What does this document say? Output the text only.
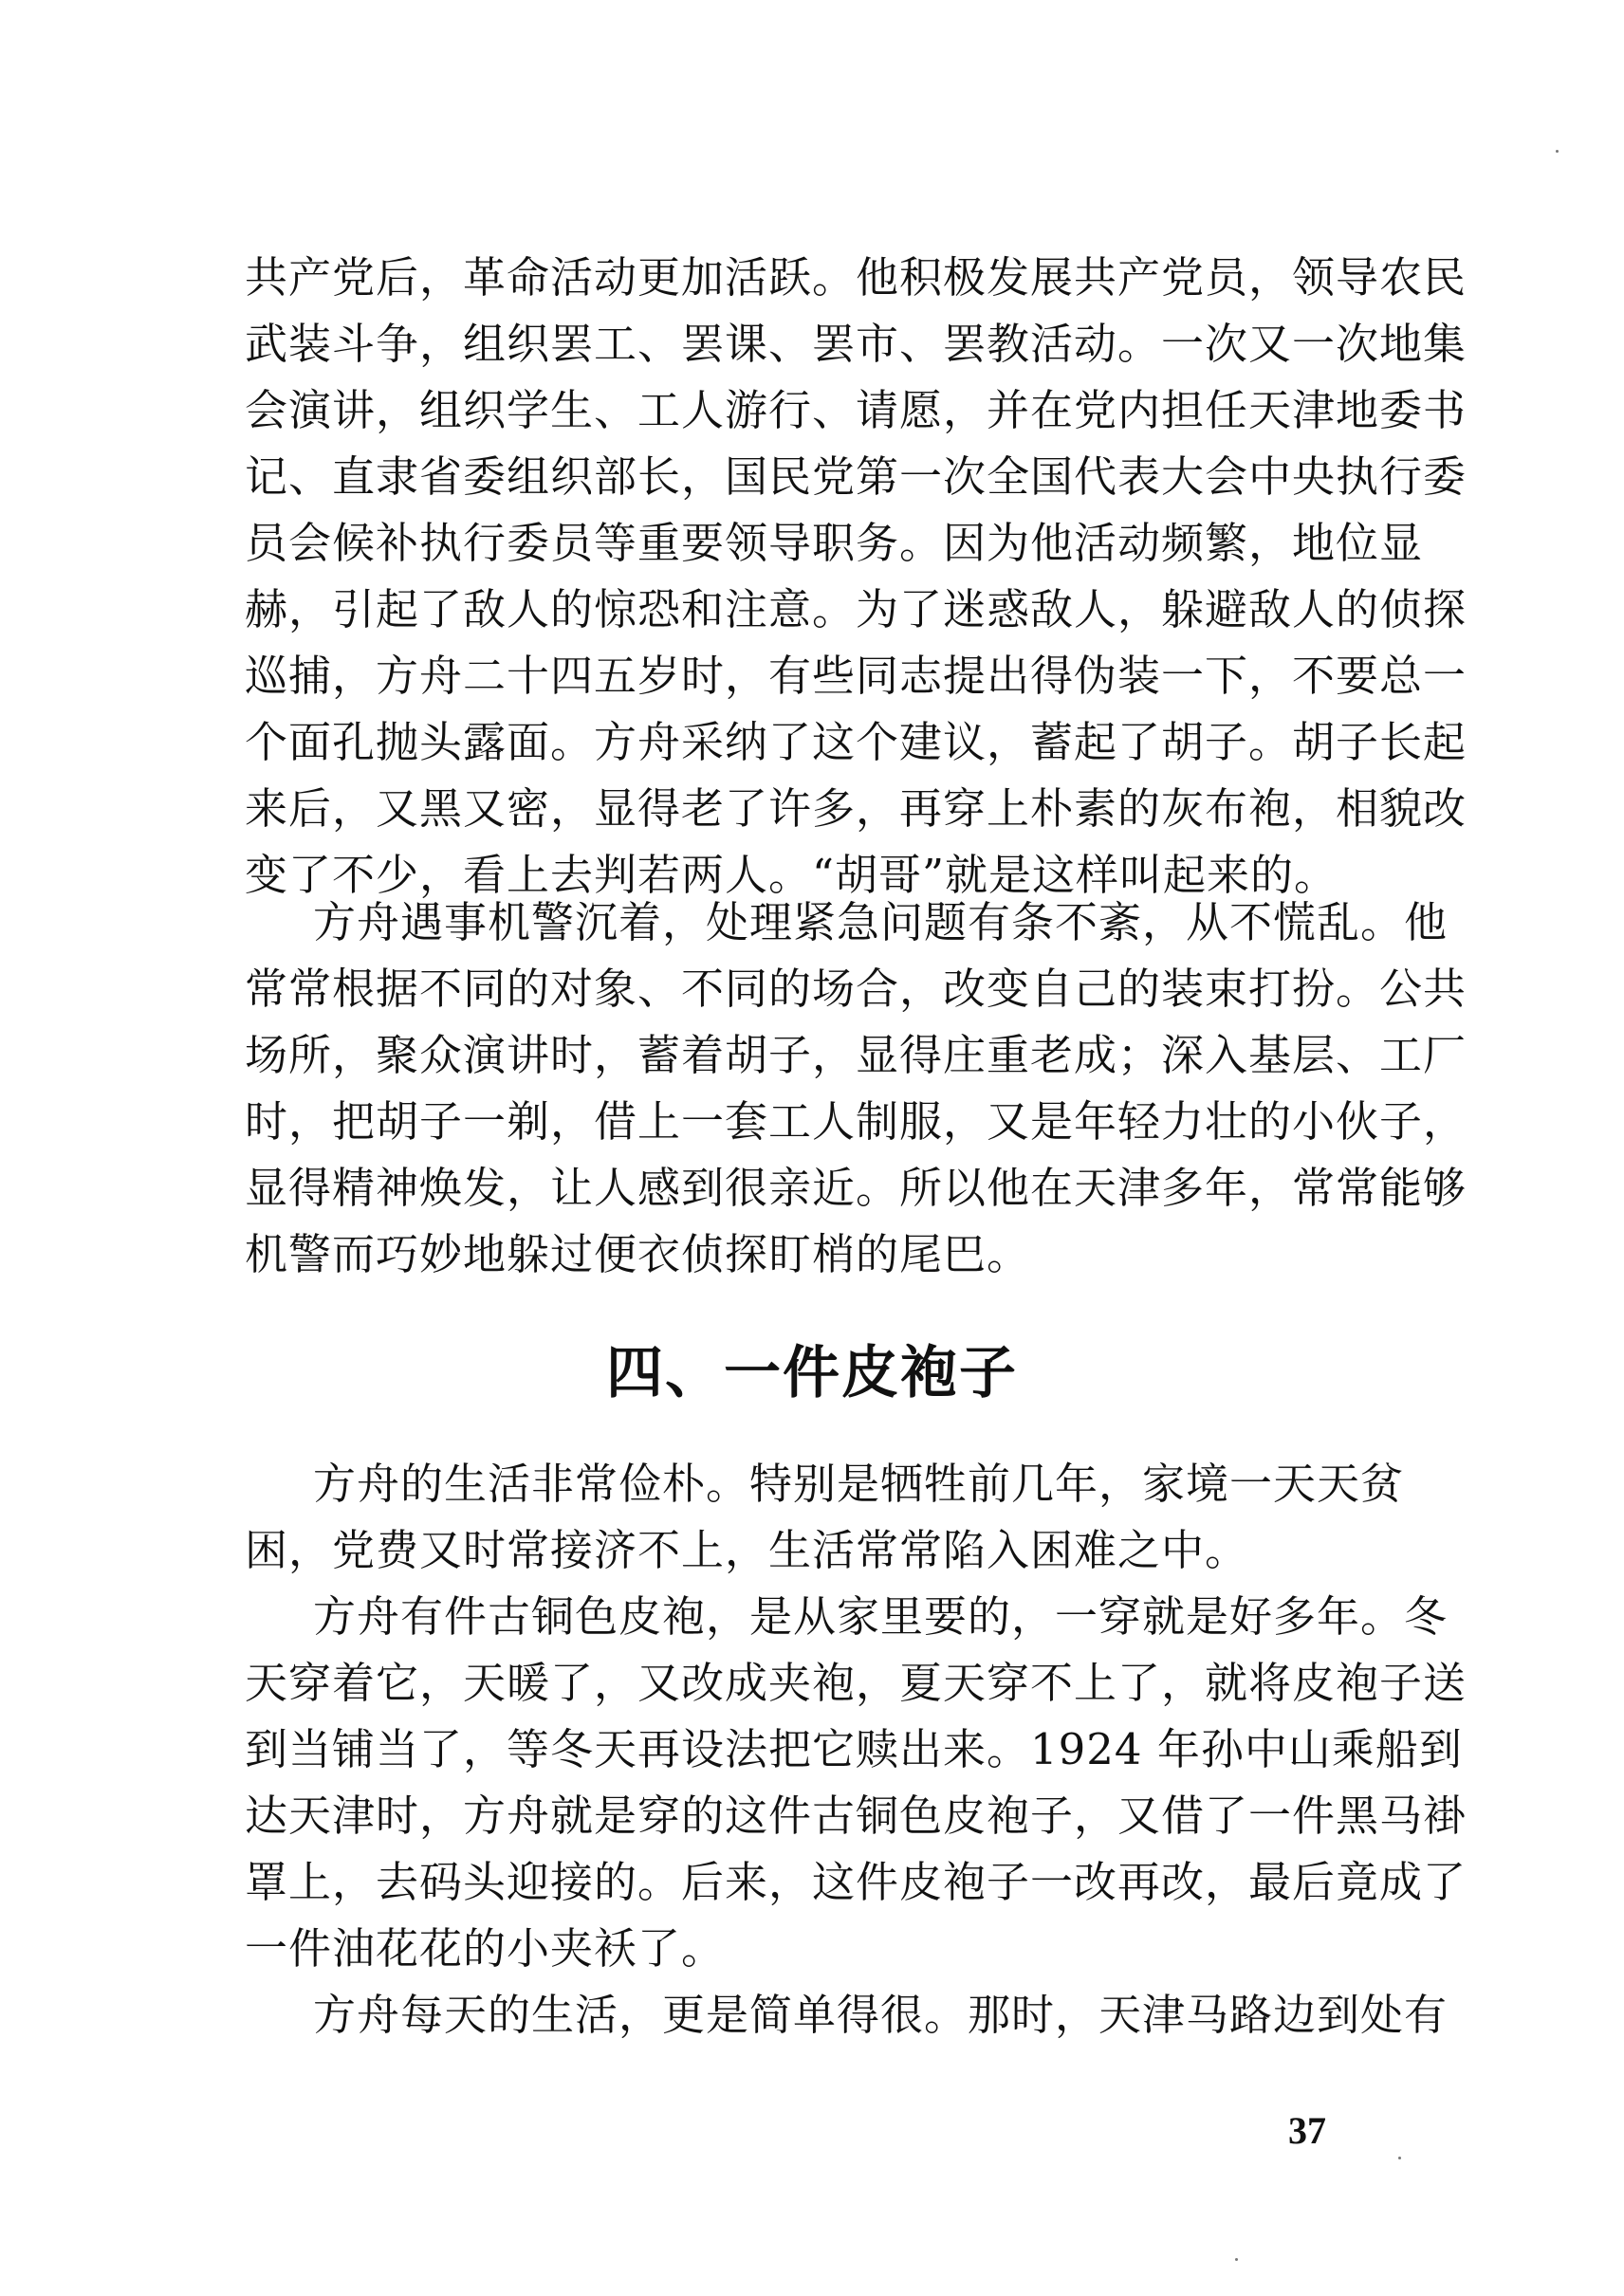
共产党后，革命活动更加活跃。他积极发展共产党员，领导农民
武装斗争，组织罢工、罢课、罢市、罢教活动。一次又一次地集
会演讲，组织学生、工人游行、请愿，并在党内担任天津地委书
记、直隶省委组织部长，国民党第一次全国代表大会中央执行委
员会候补执行委员等重要领导职务。因为他活动频繁，地位显
赫，引起了敌人的惊恐和注意。为了迷惑敌人，躲避敌人的侦探
巡捕，方舟二十四五岁时，有些同志提出得伪装一下，不要总一
个面孔抛头露面。方舟采纳了这个建议，蓄起了胡子。胡子长起
来后，又黑又密，显得老了许多，再穿上朴素的灰布袍，相貌改
变了不少，看上去判若两人。“胡哥”就是这样叫起来的。
方舟遇事机警沉着，处理紧急问题有条不紊，从不慌乱。他
常常根据不同的对象、不同的场合，改变自己的装束打扮。公共
场所，聚众演讲时，蓄着胡子，显得庄重老成；深入基层、工厂
时，把胡子一剃，借上一套工人制服，又是年轻力壮的小伙子，
显得精神焕发，让人感到很亲近。所以他在天津多年，常常能够
机警而巧妙地躲过便衣侦探盯梢的尾巴。
四、一件皮袍子
方舟的生活非常俭朴。特别是牺牲前几年，家境一天天贫
困，党费又时常接济不上，生活常常陷入困难之中。
方舟有件古铜色皮袍，是从家里要的，一穿就是好多年。冬
天穿着它，天暖了，又改成夹袍，夏天穿不上了，就将皮袍子送
到当铺当了，等冬天再设法把它赎出来。1924 年孙中山乘船到
达天津时，方舟就是穿的这件古铜色皮袍子，又借了一件黑马褂
罩上，去码头迎接的。后来，这件皮袍子一改再改，最后竟成了
一件油花花的小夹袄了。
方舟每天的生活，更是简单得很。那时，天津马路边到处有
37
